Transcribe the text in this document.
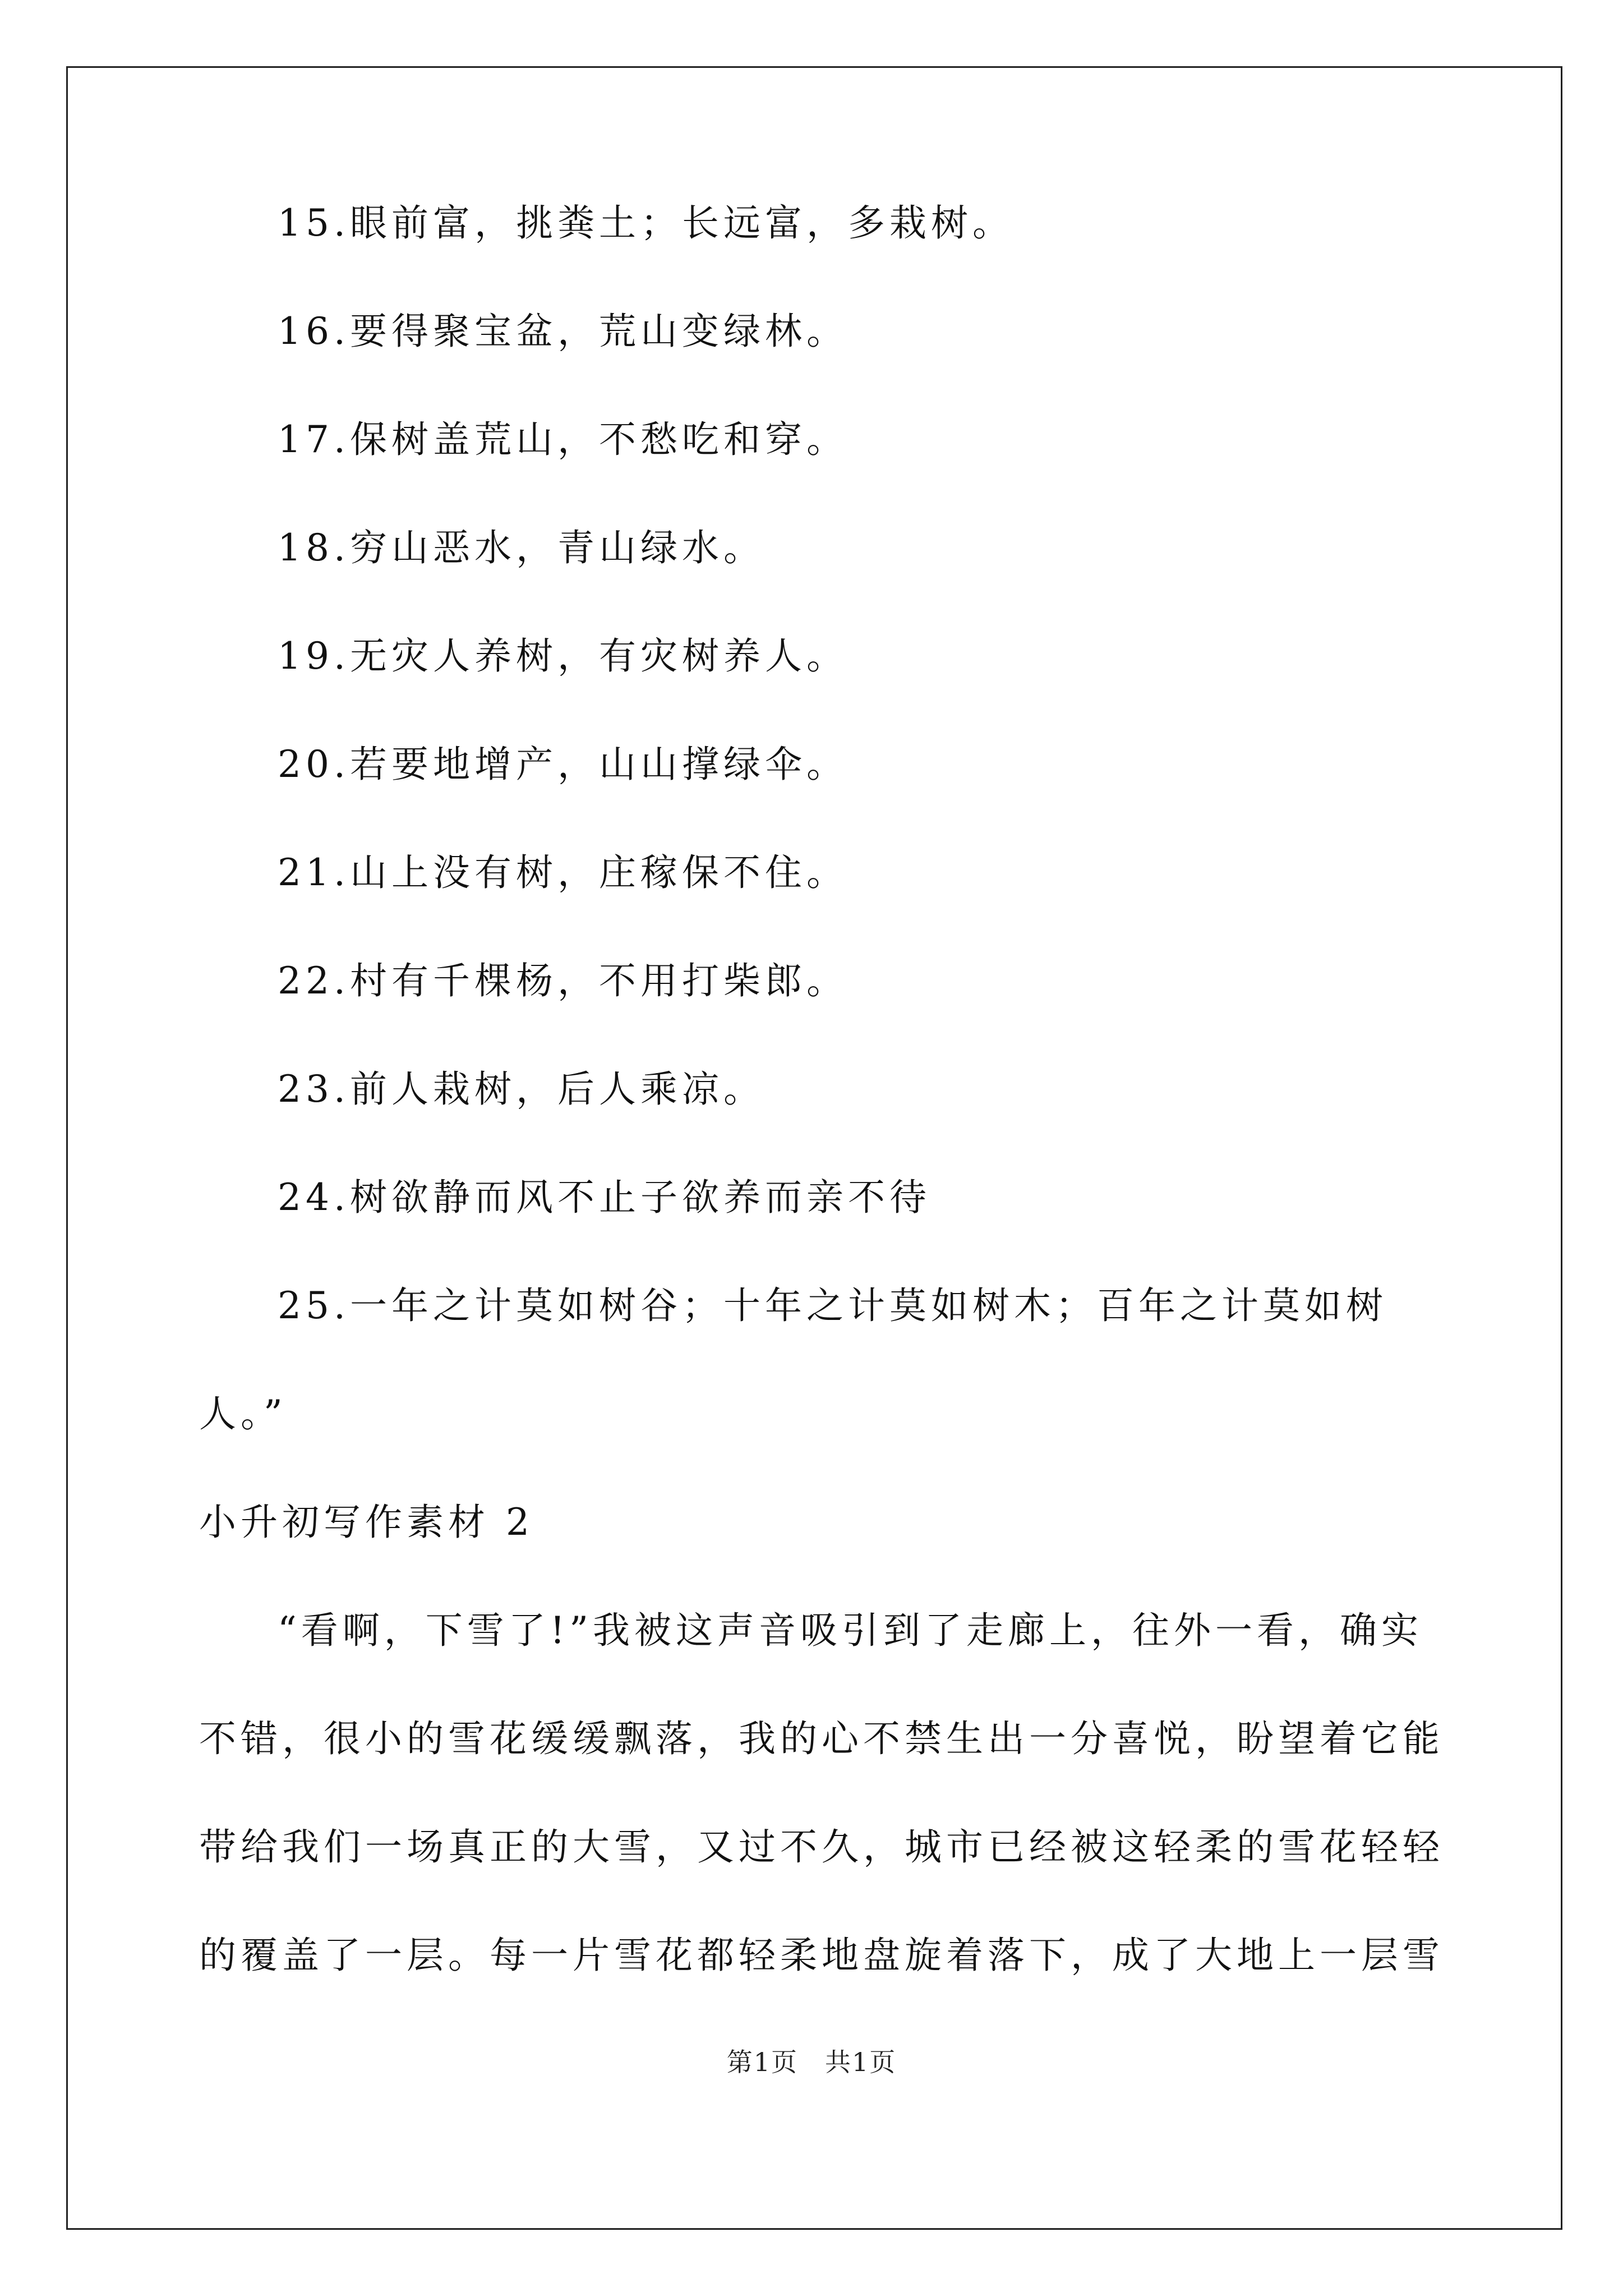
15.眼前富，挑粪土；长远富，多栽树。
16.要得聚宝盆，荒山变绿林。
17.保树盖荒山，不愁吃和穿。
18.穷山恶水，青山绿水。
19.无灾人养树，有灾树养人。
20.若要地增产，山山撑绿伞。
21.山上没有树，庄稼保不住。
22.村有千棵杨，不用打柴郎。
23.前人栽树，后人乘凉。
24.树欲静而风不止子欲养而亲不待
25.一年之计莫如树谷；十年之计莫如树木；百年之计莫如树
人。”
小升初写作素材 2
“看啊，下雪了!”我被这声音吸引到了走廊上，往外一看，确实
不错，很小的雪花缓缓飘落，我的心不禁生出一分喜悦，盼望着它能
带给我们一场真正的大雪，又过不久，城市已经被这轻柔的雪花轻轻
的覆盖了一层。每一片雪花都轻柔地盘旋着落下，成了大地上一层雪
第1页　共1页
